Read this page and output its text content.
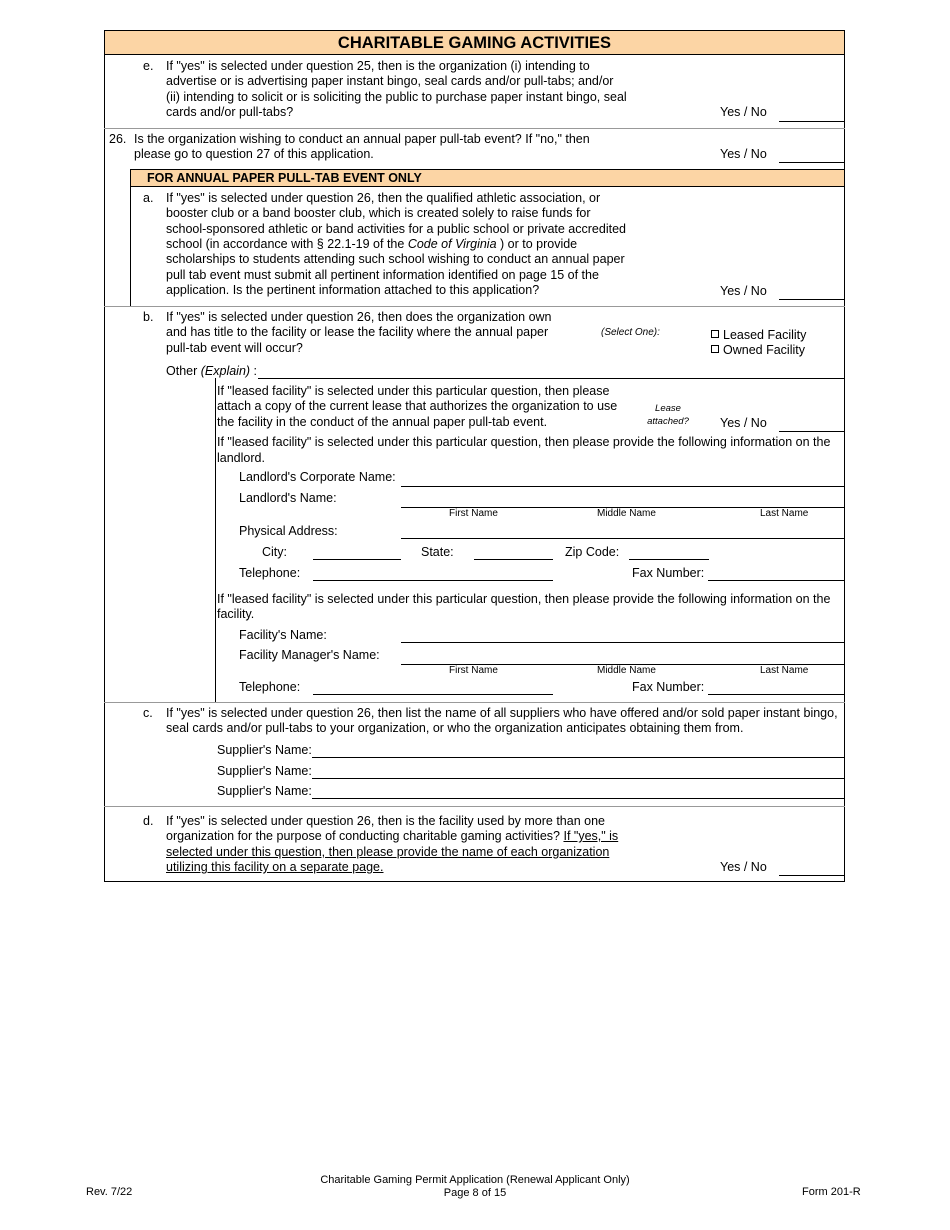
CHARITABLE GAMING ACTIVITIES
e. If "yes" is selected under question 25, then is the organization (i) intending to
advertise or is advertising paper instant bingo, seal cards and/or pull-tabs; and/or
(ii) intending to solicit or is soliciting the public to purchase paper instant bingo, seal
cards and/or pull-tabs?	Yes / No
26. Is the organization wishing to conduct an annual paper pull-tab event? If "no," then
please go to question 27 of this application.	Yes / No
FOR ANNUAL PAPER PULL-TAB EVENT ONLY
a. If "yes" is selected under question 26, then the qualified athletic association, or
booster club or a band booster club, which is created solely to raise funds for
school-sponsored athletic or band activities for a public school or private accredited
school (in accordance with § 22.1-19 of the Code of Virginia ) or to provide
scholarships to students attending such school wishing to conduct an annual paper
pull tab event must submit all pertinent information identified on page 15 of the
application. Is the pertinent information attached to this application?	Yes / No
b. If "yes" is selected under question 26, then does the organization own
and has title to the facility or lease the facility where the annual paper
pull-tab event will occur?
(Select One):	Leased Facility
Owned Facility
Other (Explain) :
If "leased facility" is selected under this particular question, then please
attach a copy of the current lease that authorizes the organization to use
the facility in the conduct of the annual paper pull-tab event.
Lease
attached? Yes / No
If "leased facility" is selected under this particular question, then please provide the following information on the
landlord.
Landlord's Corporate Name:
Landlord's Name:
First Name	Middle Name	Last Name
Physical Address:
City:	State:	Zip Code:
Telephone:	Fax Number:
If "leased facility" is selected under this particular question, then please provide the following information on the
facility.
Facility's Name:
Facility Manager's Name:
First Name	Middle Name	Last Name
Telephone:	Fax Number:
c. If "yes" is selected under question 26, then list the name of all suppliers who have offered and/or sold paper instant bingo,
seal cards and/or pull-tabs to your organization, or who the organization anticipates obtaining them from.
Supplier's Name:
Supplier's Name:
Supplier's Name:
d. If "yes" is selected under question 26, then is the facility used by more than one
organization for the purpose of conducting charitable gaming activities? If "yes," is
selected under this question, then please provide the name of each organization
utilizing this facility on a separate page.	Yes / No
Rev. 7/22
Charitable Gaming Permit Application (Renewal Applicant Only)
Page 8 of 15	Form 201-R
